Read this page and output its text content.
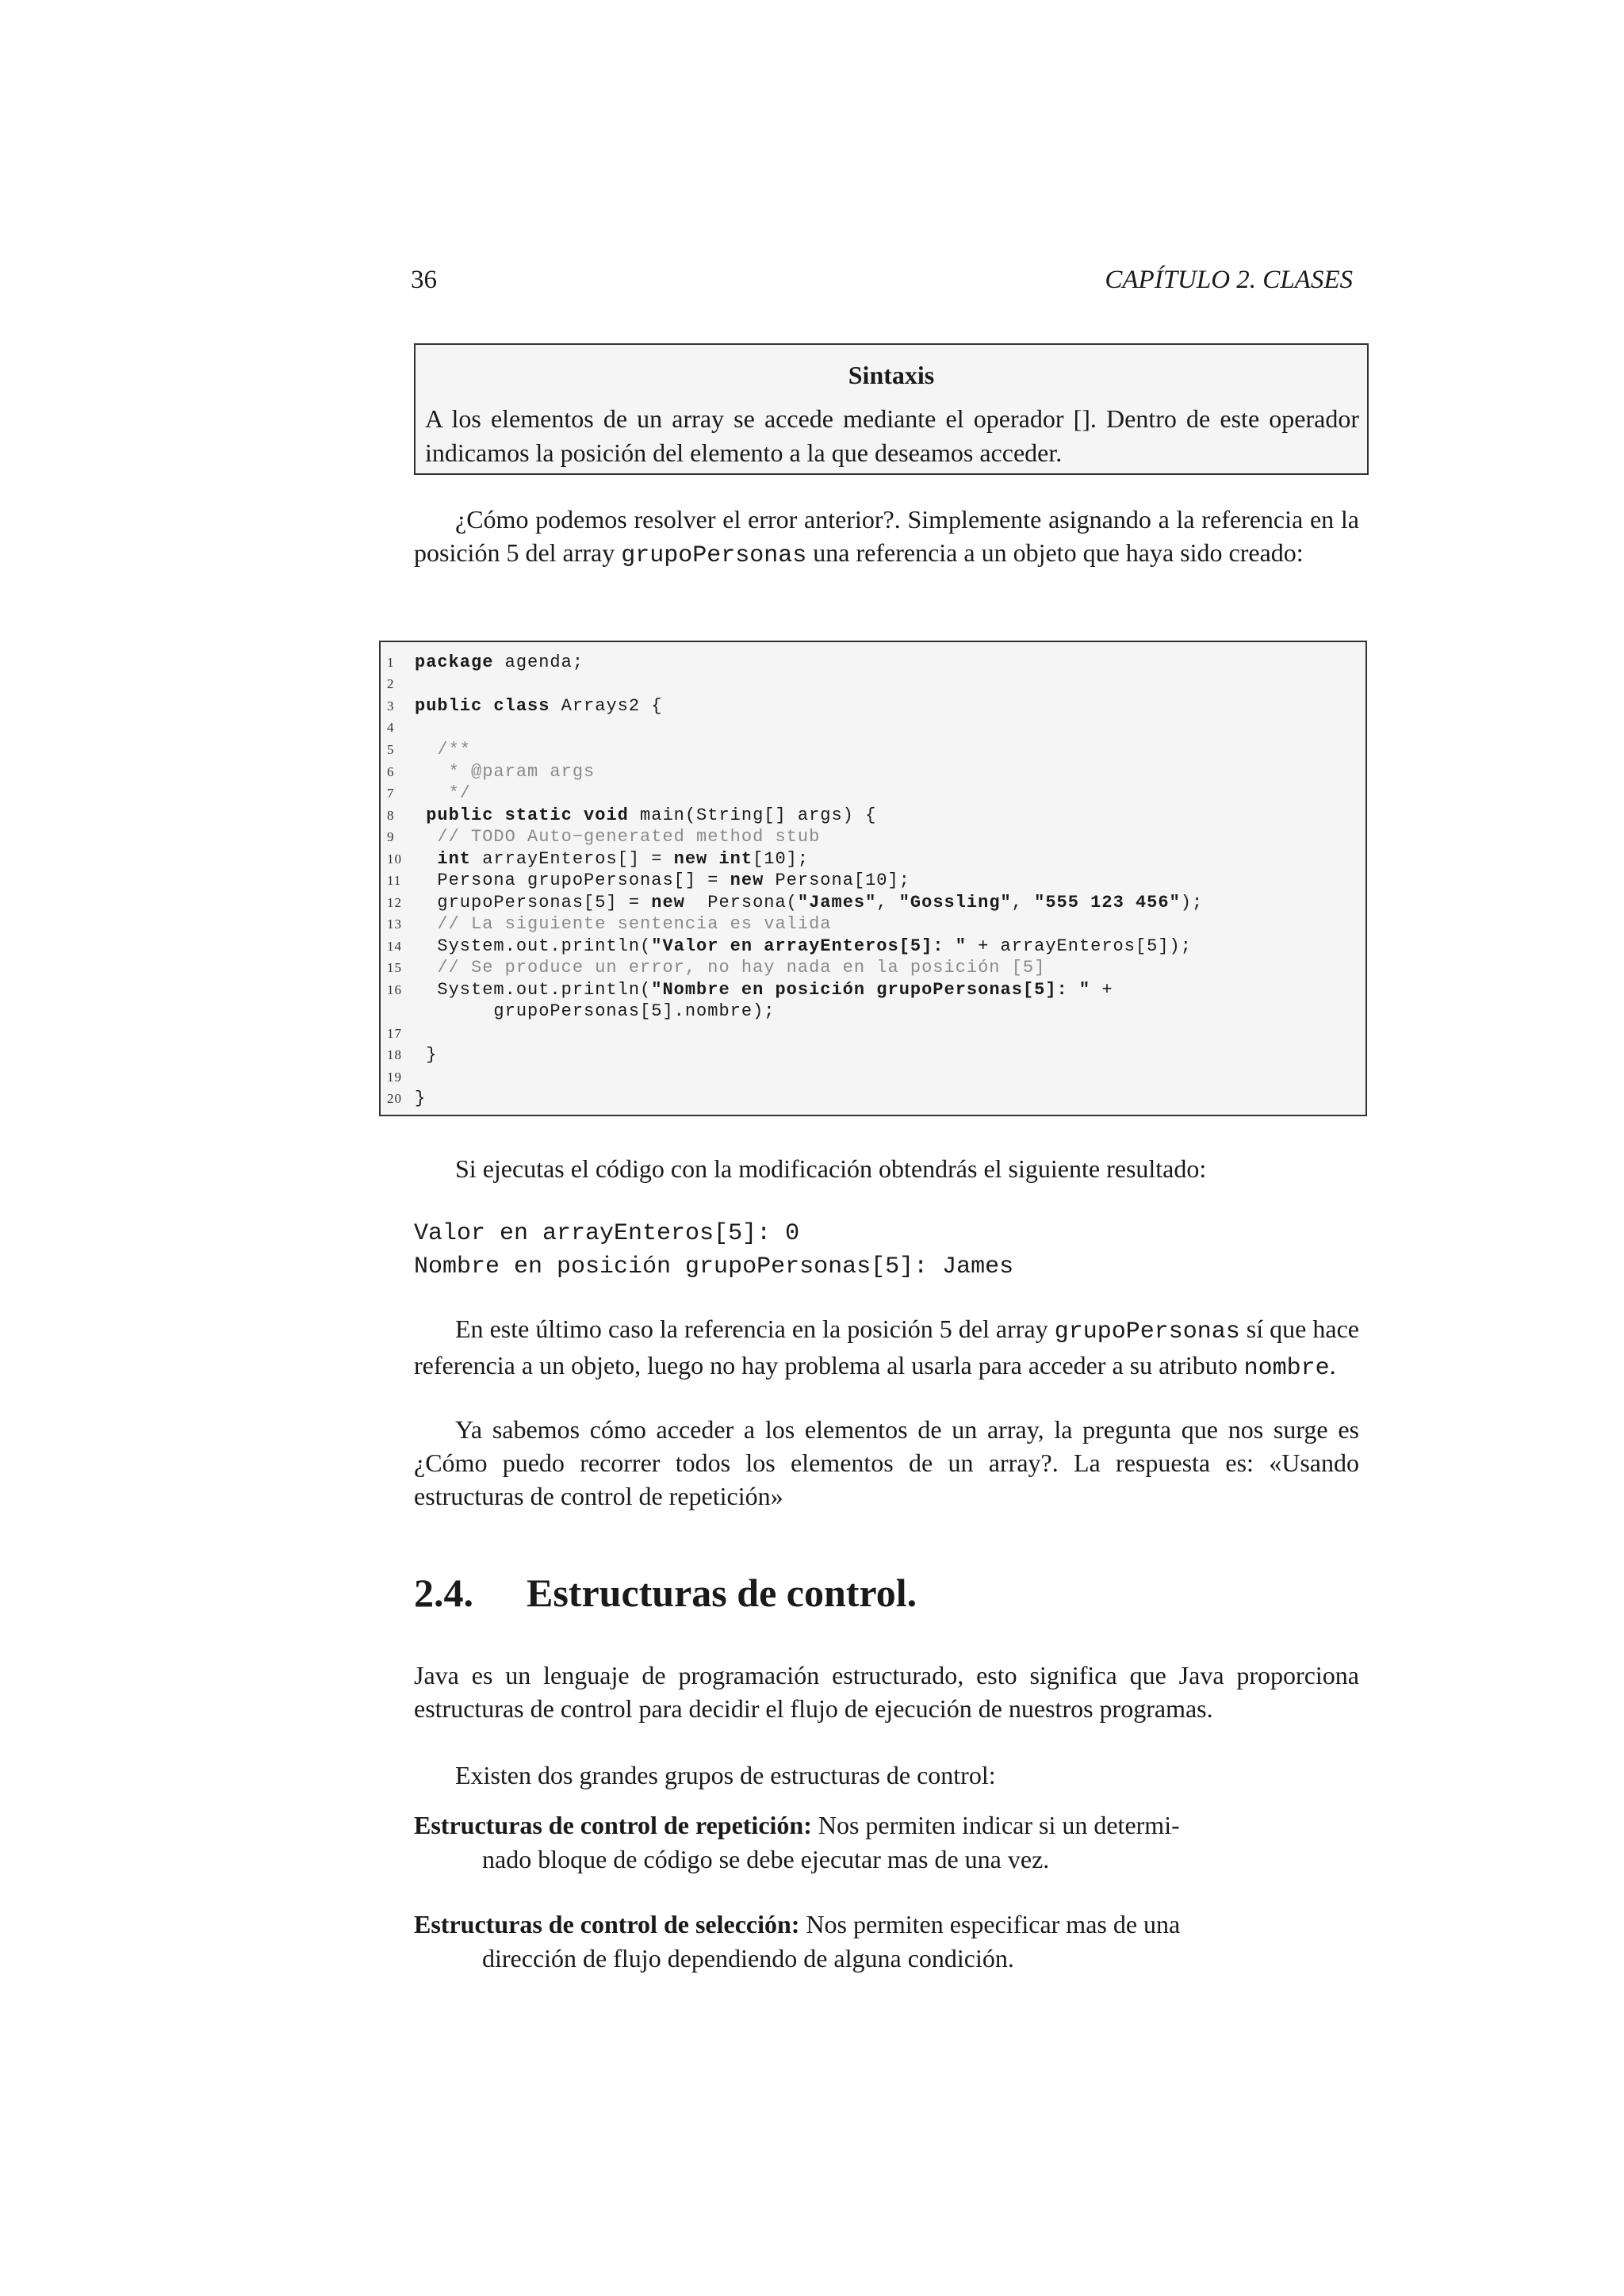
36	CAPÍTULO 2. CLASES
Sintaxis
A los elementos de un array se accede mediante el operador []. Dentro de este operador indicamos la posición del elemento a la que deseamos acceder.
¿Cómo podemos resolver el error anterior?. Simplemente asignando a la referencia en la posición 5 del array grupoPersonas una referencia a un objeto que haya sido creado:
1	package agenda;
2
3	public class Arrays2 {
4
5	/**
6	* @param args
7	*/
8	public static void main(String[] args) {
9	// TODO Auto−generated method stub
10	int arrayEnteros[] = new int[10];
11 Persona grupoPersonas[] = new Persona[10];
12 grupoPersonas[5] = new  Persona("James", "Gossling", "555 123 456");
13 // La siguiente sentencia es valida
14 System.out.println("Valor en arrayEnteros[5]: " + arrayEnteros[5]);
15 // Se produce un error, no hay nada en la posición [5]
16 System.out.println("Nombre en posición grupoPersonas[5]: " +
grupoPersonas[5].nombre);
17
18 }
19
20 }
Si ejecutas el código con la modificación obtendrás el siguiente resultado:
Valor en arrayEnteros[5]: 0
Nombre en posición grupoPersonas[5]: James
En este último caso la referencia en la posición 5 del array grupoPersonas sí que hace referencia a un objeto, luego no hay problema al usarla para acceder a su atributo nombre.
Ya sabemos cómo acceder a los elementos de un array, la pregunta que nos surge es ¿Cómo puedo recorrer todos los elementos de un array?. La respuesta es: «Usando estructuras de control de repetición»
2.4. Estructuras de control.
Java es un lenguaje de programación estructurado, esto significa que Java proporciona estructuras de control para decidir el flujo de ejecución de nuestros programas.
Existen dos grandes grupos de estructuras de control:
Estructuras de control de repetición: Nos permiten indicar si un determi-
nado bloque de código se debe ejecutar mas de una vez.
Estructuras de control de selección: Nos permiten especificar mas de una
dirección de flujo dependiendo de alguna condición.
